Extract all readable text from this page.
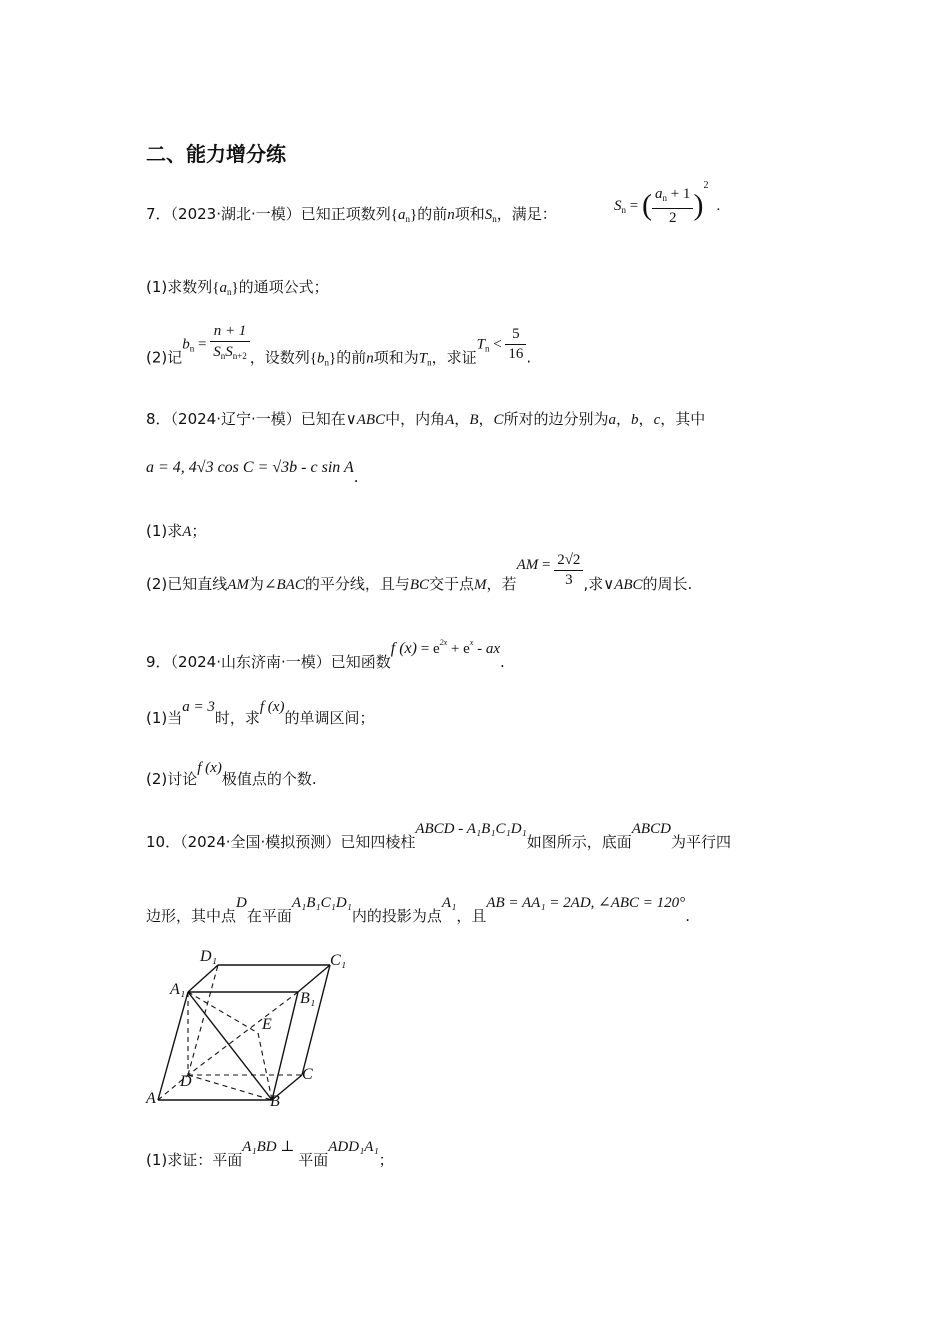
二、能力增分练
7．（2023·湖北·一模）已知正项数列$\{a_n\}$的前n项和$S_n$，满足：	$S_n$ = ( $\frac{a_n + 1}{2} )^2$.
(1)求数列$\{a_n\}$的通项公式；
(2)记$b_n = \frac{n + 1}{S_nS_{n+2}}$ ，设数列$\{b_n\}$的前n项和为$T_n$，求证$T_n < \frac{5}{16}$ .
8．（2024·辽宁·一模）已知在∨ABC中，内角A，B，C所对的边分别为a，b，c，其中
a = 4, 4√3 cos C = √3b - c sin A.
(1)求A；
(2)已知直线AM为∠BAC的平分线，且与BC交于点M，若AM = $\frac{2√2}{3}$ ,求∨ABC的周长.
9．（2024·山东济南·一模）已知函数f $(x) = e^{2x} + e^x$ - ax.
(1)当a = 3时，求f (x)的单调区间；
(2)讨论f (x)极值点的个数.
10．（2024·全国·模拟预测）已知四棱柱ABCD - A₁B₁C₁D₁如图所示，底面ABCD为平行四
边形，其中点D在平面A₁B₁C₁D₁内的投影为点A₁，且AB = AA₁ = 2AD, ∠ABC = 120°.
D₁	C₁
A₁
B₁
E
D	C
A	B
(1)求证：平面A₁BD ⊥ 平面ADD₁A₁；
